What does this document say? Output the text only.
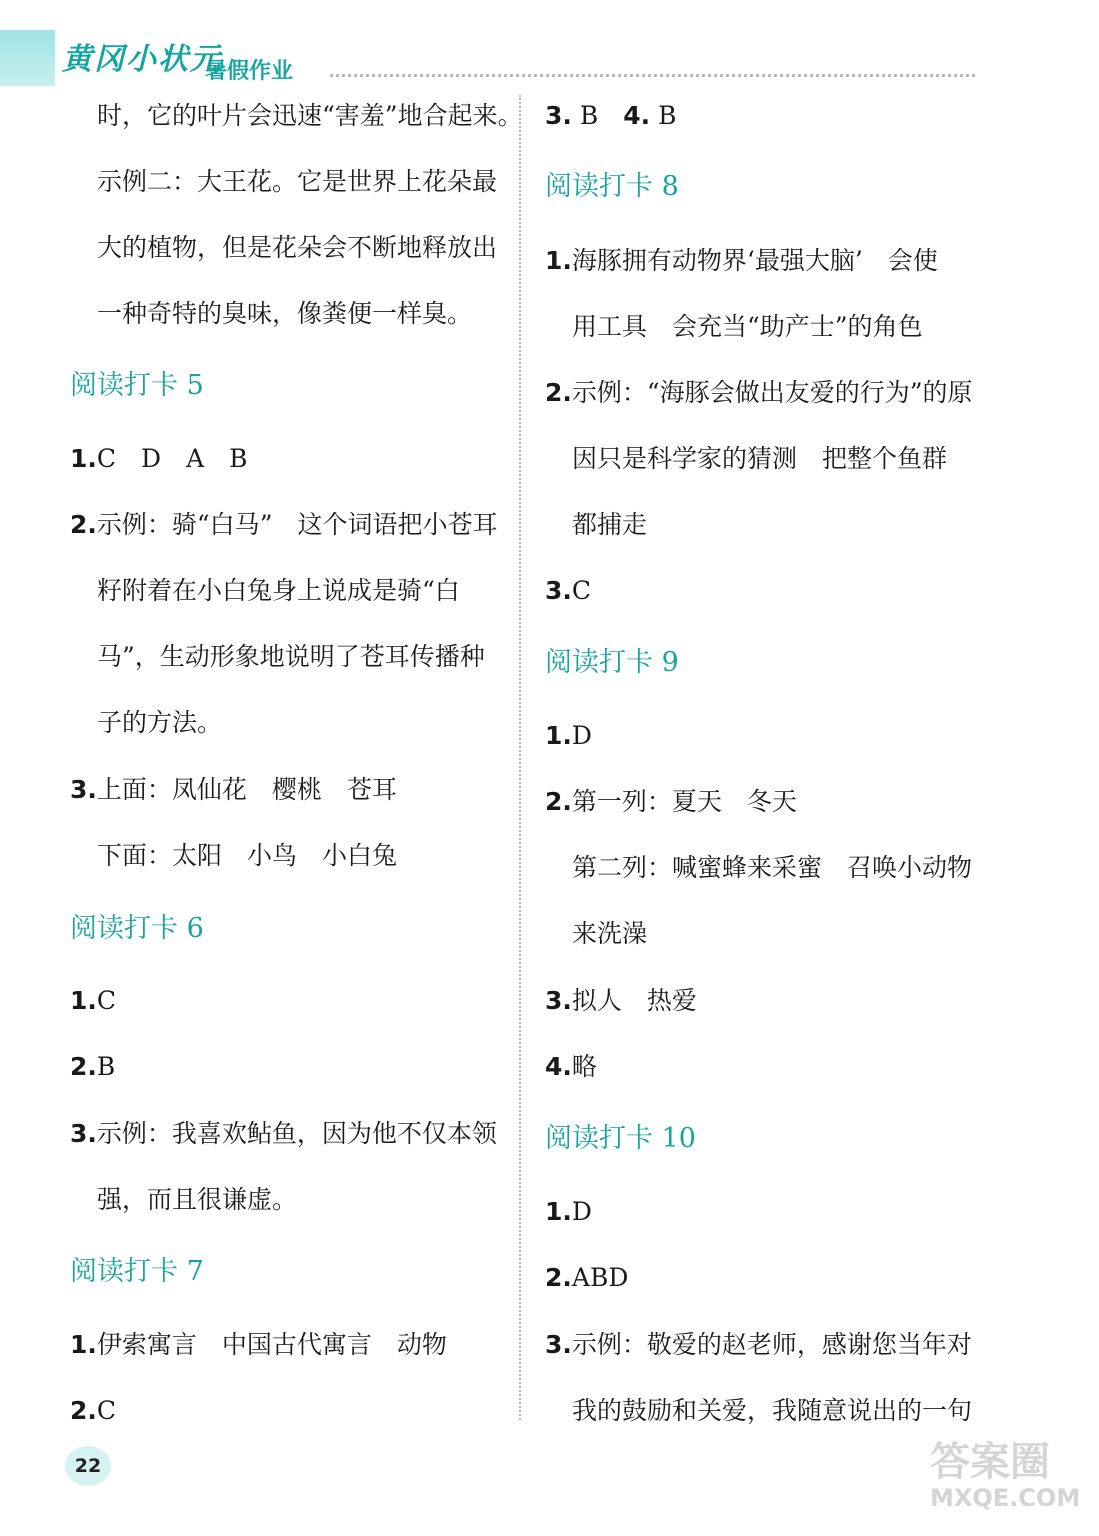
黄冈小状元
暑假作业
时，它的叶片会迅速“害羞”地合起来。
示例二：大王花。它是世界上花朵最
大的植物，但是花朵会不断地释放出
一种奇特的臭味，像粪便一样臭。
阅读打卡 5
1.C　D　A　B
2.示例：骑“白马”　这个词语把小苍耳
籽附着在小白兔身上说成是骑“白
马”，生动形象地说明了苍耳传播种
子的方法。
3.上面：凤仙花　樱桃　苍耳
下面：太阳　小鸟　小白兔
阅读打卡 6
1.C
2.B
3.示例：我喜欢鲇鱼，因为他不仅本领
强，而且很谦虚。
阅读打卡 7
1.伊索寓言　中国古代寓言　动物
2.C
3. B　 4. B
阅读打卡 8
1.海豚拥有动物界‘最强大脑’　会使
用工具　会充当“助产士”的角色
2.示例：“海豚会做出友爱的行为”的原
因只是科学家的猜测　把整个鱼群
都捕走
3.C
阅读打卡 9
1.D
2.第一列：夏天　冬天
第二列：喊蜜蜂来采蜜　召唤小动物
来洗澡
3.拟人　热爱
4.略
阅读打卡 10
1.D
2.ABD
3.示例：敬爱的赵老师，感谢您当年对
我的鼓励和关爱，我随意说出的一句
22	答案圈
MXQE.COM
